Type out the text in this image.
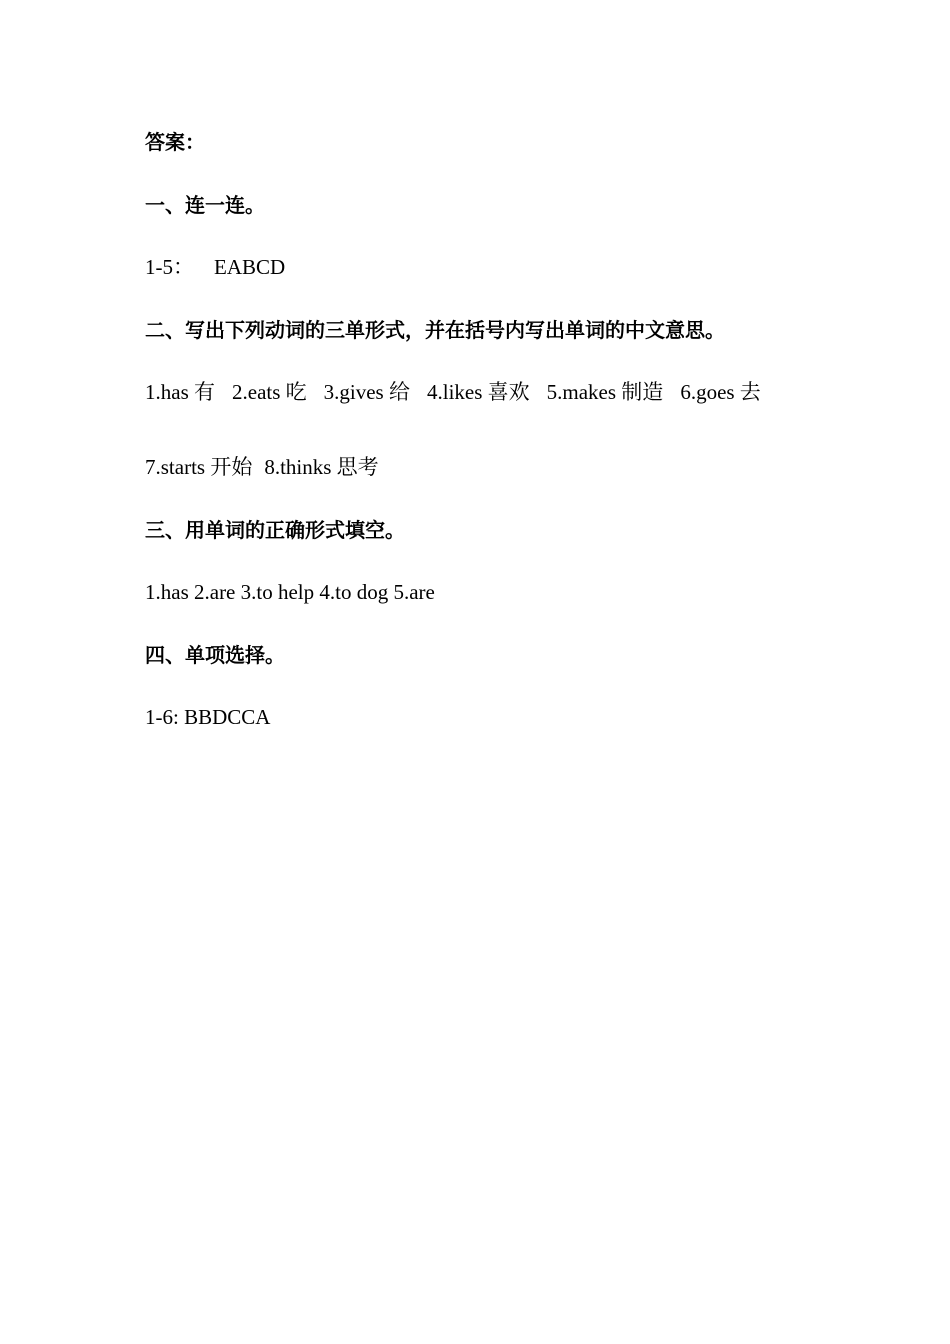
答案：
一、连一连。
1-5： EABCD
二、写出下列动词的三单形式，并在括号内写出单词的中文意思。
1.has 有 2.eats 吃 3.gives 给 4.likes 喜欢 5.makes 制造 6.goes 去
7.starts 开始 8.thinks 思考
三、用单词的正确形式填空。
1.has 2.are 3.to help 4.to dog 5.are
四、单项选择。
1-6: BBDCCA
